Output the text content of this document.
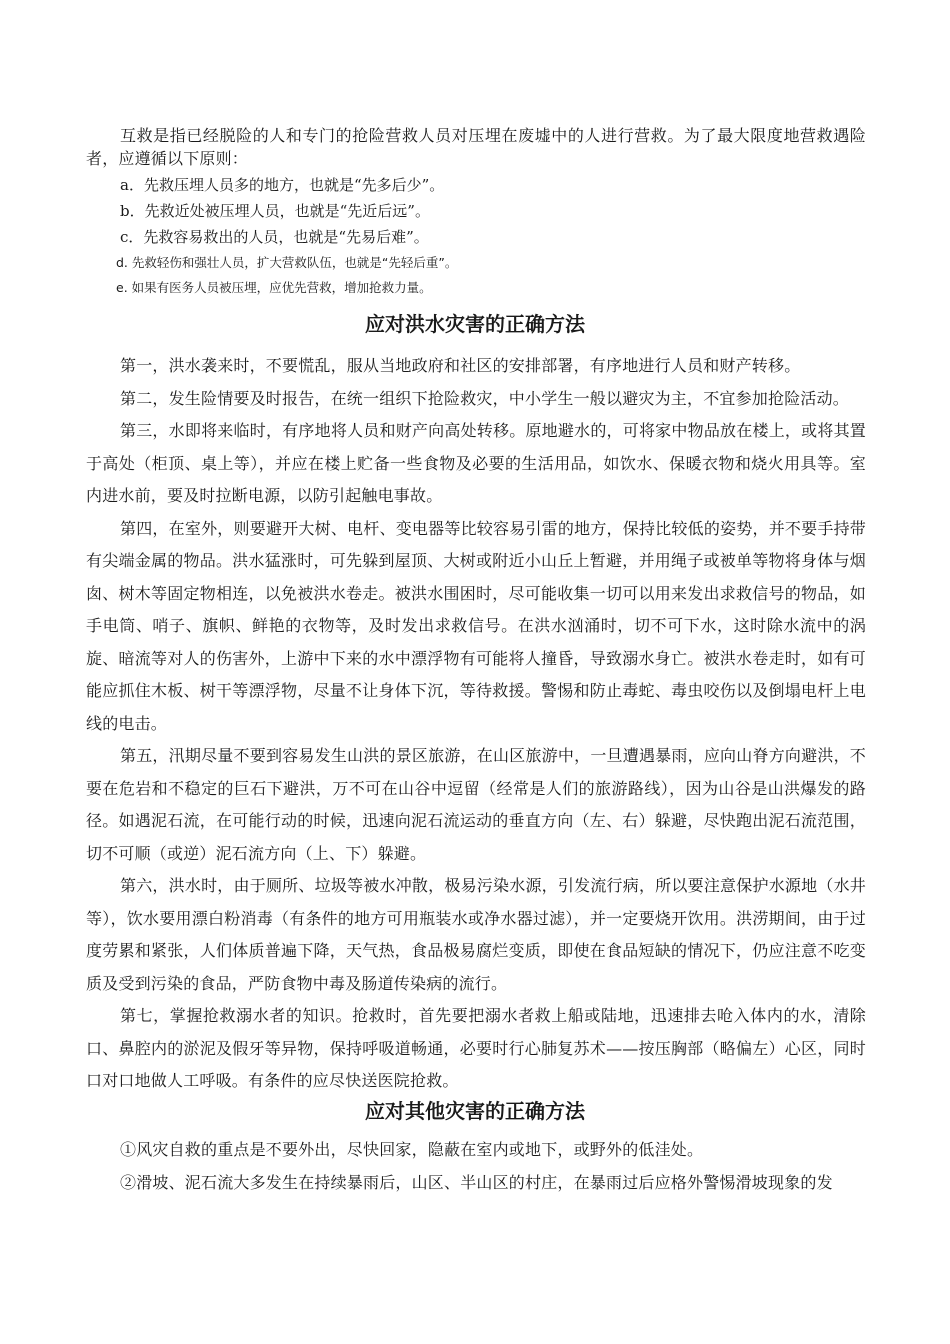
互救是指已经脱险的人和专门的抢险营救人员对压埋在废墟中的人进行营救。为了最大限度地营救遇险者，应遵循以下原则：

a．先救压埋人员多的地方，也就是“先多后少”。

b．先救近处被压埋人员，也就是“先近后远”。

c．先救容易救出的人员，也就是“先易后难”。

d. 先救轻伤和强壮人员，扩大营救队伍，也就是“先轻后重”。

e. 如果有医务人员被压埋，应优先营救，增加抢救力量。

应对洪水灾害的正确方法

第一，洪水袭来时，不要慌乱，服从当地政府和社区的安排部署，有序地进行人员和财产转移。

第二，发生险情要及时报告，在统一组织下抢险救灾，中小学生一般以避灾为主，不宜参加抢险活动。

第三，水即将来临时，有序地将人员和财产向高处转移。原地避水的，可将家中物品放在楼上，或将其置于高处（柜顶、桌上等），并应在楼上贮备一些食物及必要的生活用品，如饮水、保暖衣物和烧火用具等。室内进水前，要及时拉断电源，以防引起触电事故。

第四，在室外，则要避开大树、电杆、变电器等比较容易引雷的地方，保持比较低的姿势，并不要手持带有尖端金属的物品。洪水猛涨时，可先躲到屋顶、大树或附近小山丘上暂避，并用绳子或被单等物将身体与烟囱、树木等固定物相连，以免被洪水卷走。被洪水围困时，尽可能收集一切可以用来发出求救信号的物品，如手电筒、哨子、旗帜、鲜艳的衣物等，及时发出求救信号。在洪水汹涌时，切不可下水，这时除水流中的涡旋、暗流等对人的伤害外，上游中下来的水中漂浮物有可能将人撞昏，导致溺水身亡。被洪水卷走时，如有可能应抓住木板、树干等漂浮物，尽量不让身体下沉，等待救援。警惕和防止毒蛇、毒虫咬伤以及倒塌电杆上电线的电击。

第五，汛期尽量不要到容易发生山洪的景区旅游，在山区旅游中，一旦遭遇暴雨，应向山脊方向避洪，不要在危岩和不稳定的巨石下避洪，万不可在山谷中逗留（经常是人们的旅游路线），因为山谷是山洪爆发的路径。如遇泥石流，在可能行动的时候，迅速向泥石流运动的垂直方向（左、右）躲避，尽快跑出泥石流范围，切不可顺（或逆）泥石流方向（上、下）躲避。

第六，洪水时，由于厕所、垃圾等被水冲散，极易污染水源，引发流行病，所以要注意保护水源地（水井等），饮水要用漂白粉消毒（有条件的地方可用瓶装水或净水器过滤），并一定要烧开饮用。洪涝期间，由于过度劳累和紧张，人们体质普遍下降，天气热，食品极易腐烂变质，即使在食品短缺的情况下，仍应注意不吃变质及受到污染的食品，严防食物中毒及肠道传染病的流行。

第七，掌握抢救溺水者的知识。抢救时，首先要把溺水者救上船或陆地，迅速排去呛入体内的水，清除口、鼻腔内的淤泥及假牙等异物，保持呼吸道畅通，必要时行心肺复苏术——按压胸部（略偏左）心区，同时口对口地做人工呼吸。有条件的应尽快送医院抢救。

应对其他灾害的正确方法

①风灾自救的重点是不要外出，尽快回家，隐蔽在室内或地下，或野外的低洼处。

②滑坡、泥石流大多发生在持续暴雨后，山区、半山区的村庄，在暴雨过后应格外警惕滑坡现象的发
